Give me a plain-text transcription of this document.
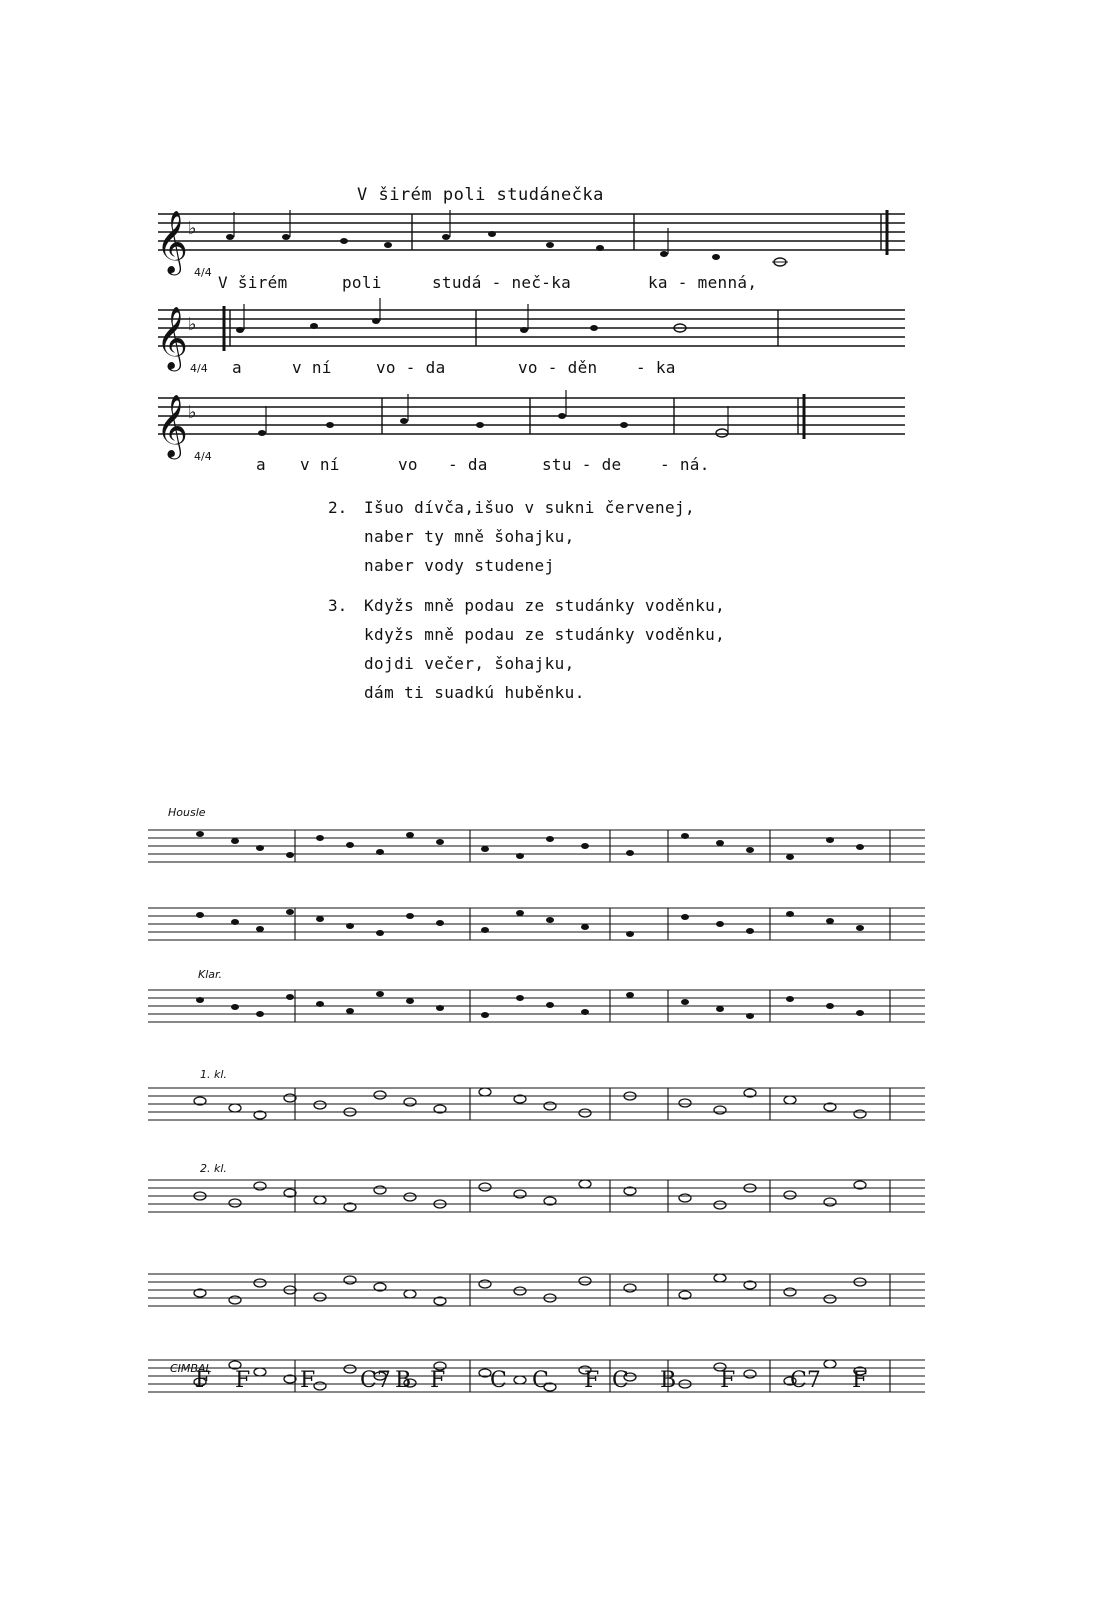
V širém poli studánečka
𝄞 ♭
4/4
V širém	poli	studá - neč-ka	ka - menná,
𝄞 ♭
4/4 a	v ní	vo - da	vo - děn - ka
𝄞 ♭
4/4	a v ní	vo - da	stu - de - ná.
2. Išuo dívča,išuo v sukni červenej,
naber ty mně šohajku,
naber vody studenej
3. Kdyžs mně podau ze studánky voděnku,
kdyžs mně podau ze studánky voděnku,
dojdi večer, šohajku,
dám ti suadkú huběnku.
Housle
Klar.
1. kl.
2. kl.
CIMBAL
F F F C7 B F C C F C B F C7 F
